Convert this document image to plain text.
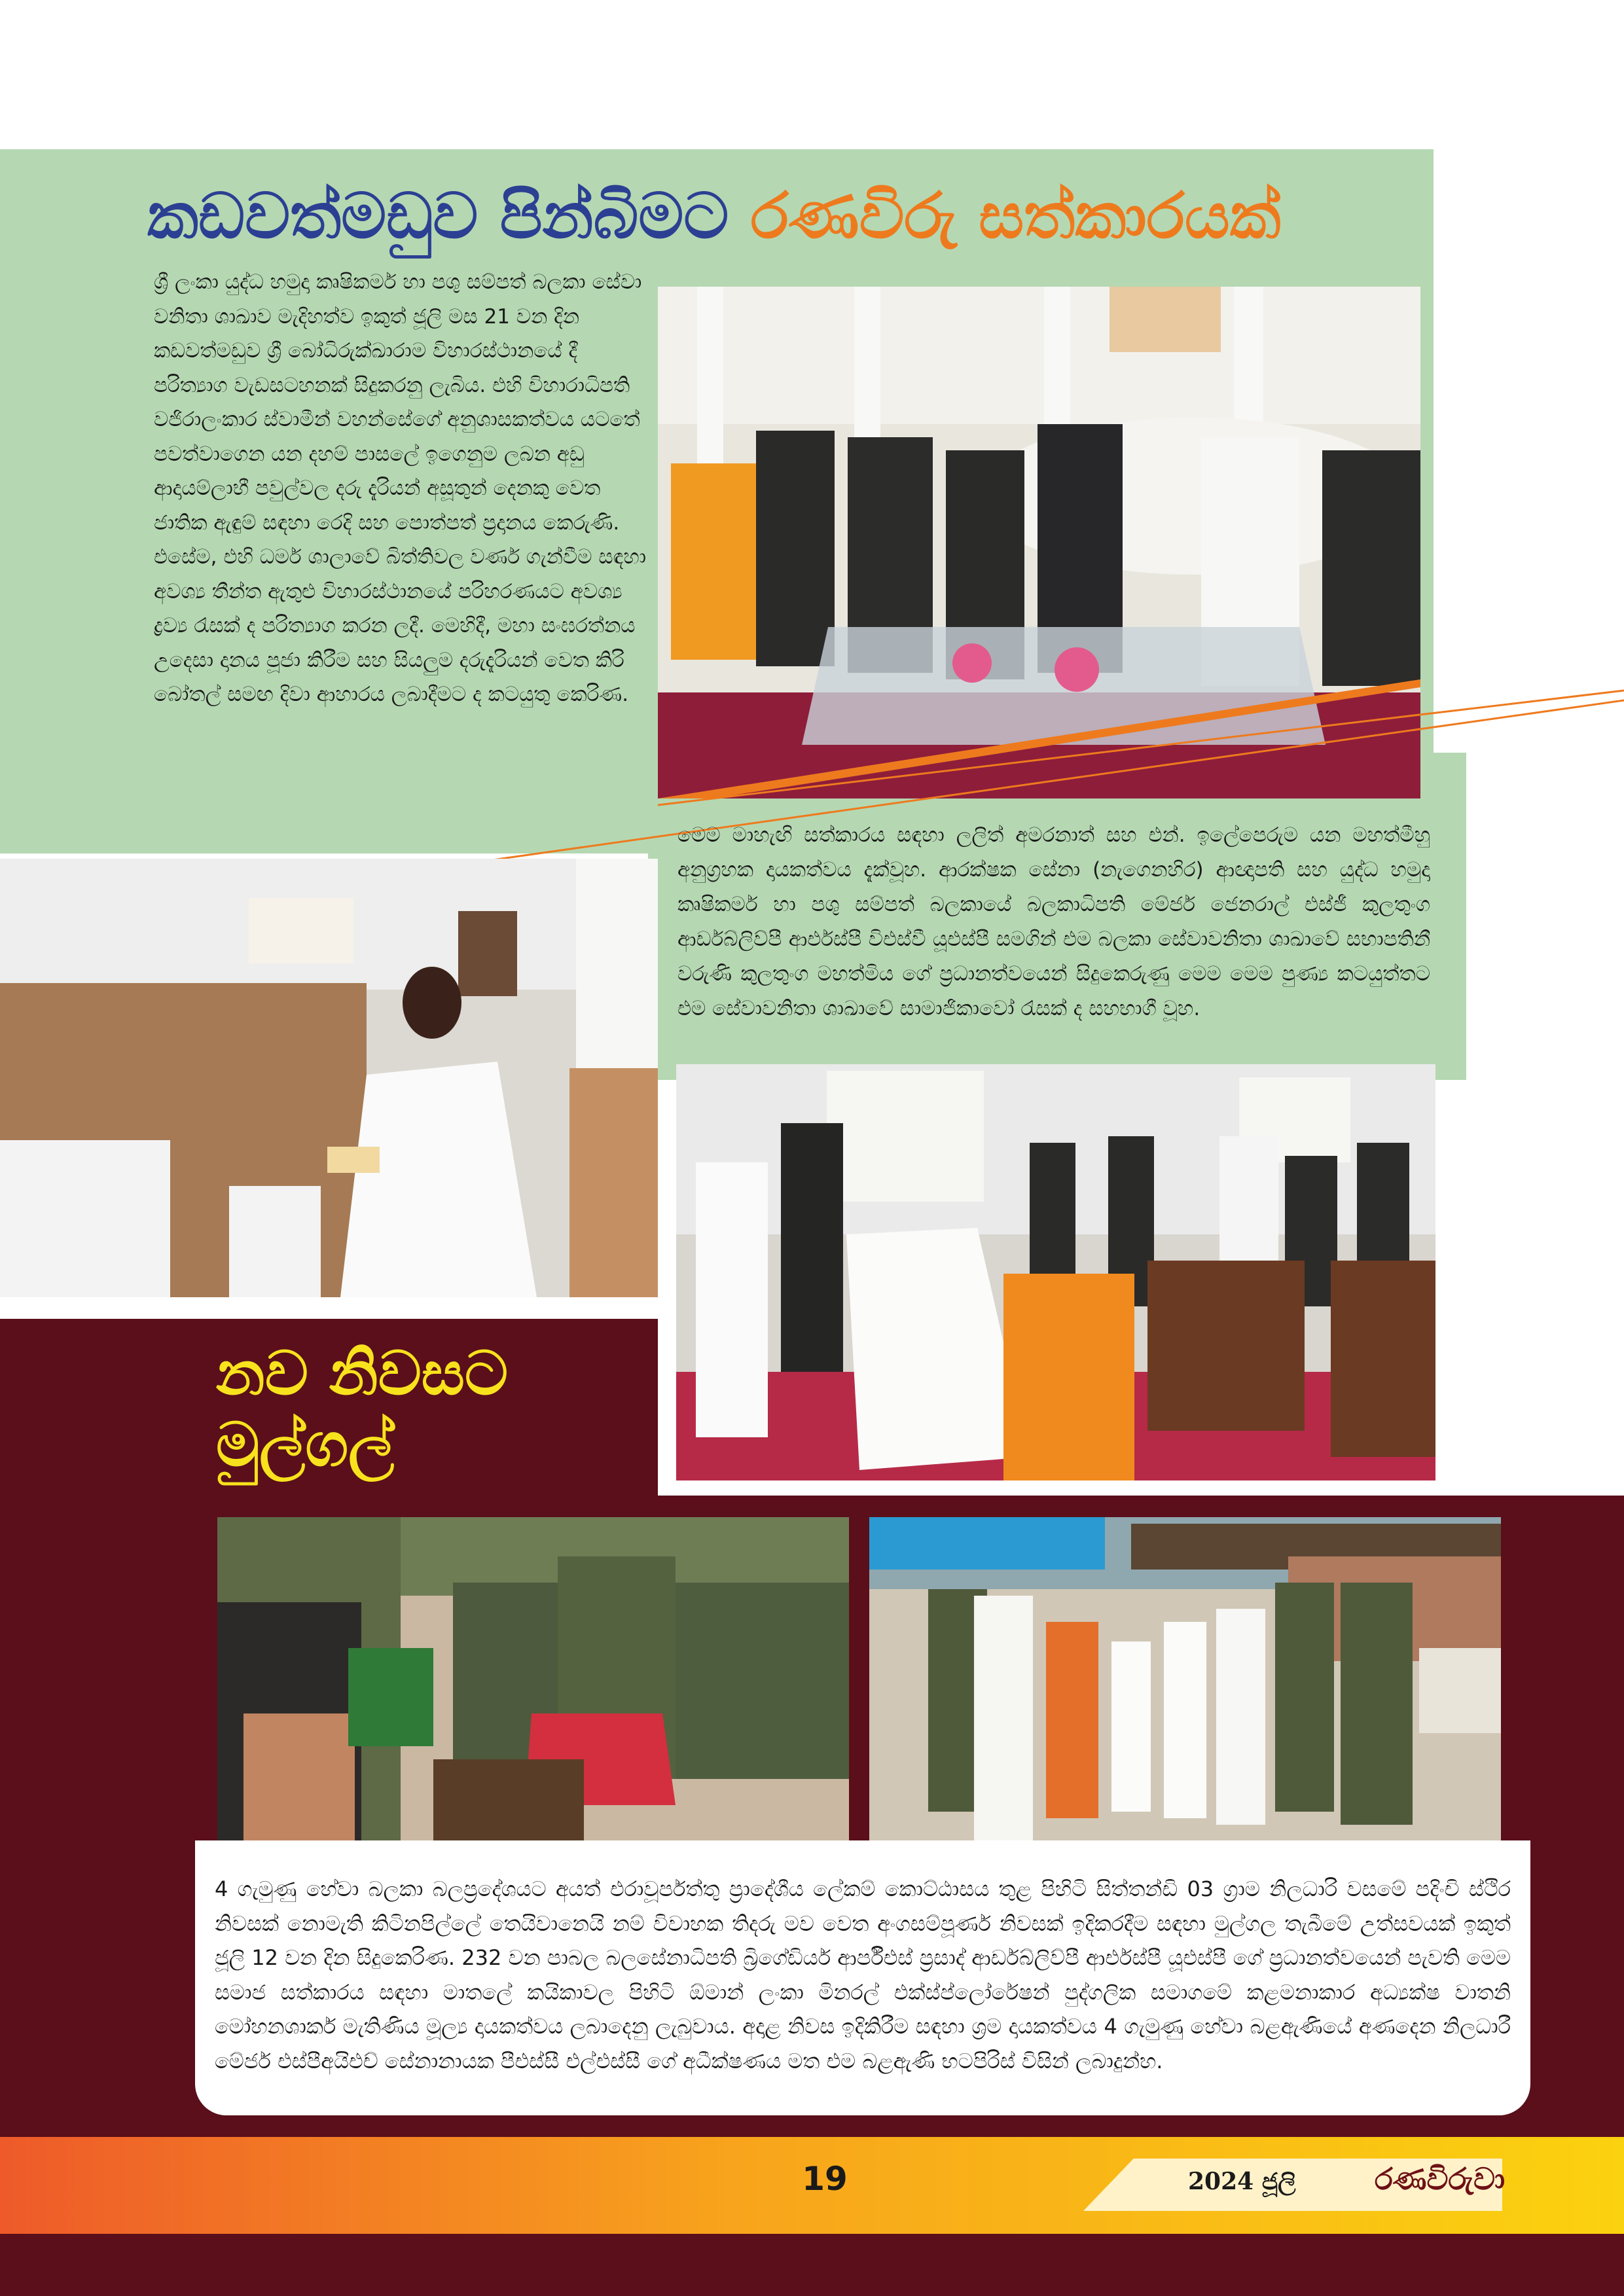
කඩවත්මඩුව පින්බිමට රණවිරු සත්කාරයක්
ශ්‍රී ලංකා යුද්ධ හමුදා කෘෂිකර්ම හා පශු සම්පත් බලකා සේවා වනිතා ශාඛාව මැදිහත්ව ඉකුත් ජූලි මස 21 වන දින කඩවත්මඩුව ශ්‍රී බෝධිරුක්ඛාරාම විහාරස්ථානයේ දී පරිත්‍යාග වැඩසටහනක් සිදුකරනු ලැබිය. එහි විහාරාධිපති වජිරාලංකාර ස්වාමීන් වහන්සේගේ අනුශාසකත්වය යටතේ පවත්වාගෙන යන දහම් පාසලේ ඉගෙනුම ලබන අඩු ආදායම්ලාභී පවුල්වල දරු දැරියන් අසූතුන් දෙනකු වෙත ජාතික ඇඳුම් සඳහා රෙදි සහ පොත්පත් ප්‍රදානය කෙරුණි. එසේම, එහි ධර්ම ශාලාවේ බිත්තිවල වර්ණ ගැන්වීම සඳහා අවශ්‍ය තීන්ත ඇතුළු විහාරස්ථානයේ පරිහරණයට අවශ්‍ය ද්‍රව්‍ය රැසක් ද පරිත්‍යාග කරන ලදී. මෙහිදී, මහා සංඝරත්නය උදෙසා දානය පූජා කිරීම සහ සියලුම දරුදැරියන් වෙත කිරි බෝතල් සමඟ දිවා ආහාරය ලබාදීමට ද කටයුතු කෙරිණ.
මෙම මාහැඟි සත්කාරය සඳහා ලලිත් අමරනාත් සහ එන්. ඉලේපෙරුම යන මහත්මීහු අනුග්‍රහක දායකත්වය දැක්වූහ. ආරක්ෂක සේනා (නැගෙනහිර) ආඥාපති සහ යුද්ධ හමුදා කෘෂිකර්ම හා පශු සම්පත් බලකායේ බලකාධිපති මේජර් ජෙනරාල් එස්ජී කුලතුංග ආර්ඩබ්ලිව්පී ආර්එස්පී විඑස්වී යූඑස්පී සමගින් එම බලකා සේවාවනිතා ශාඛාවේ සභාපතිනී වරුණි කුලතුංග මහත්මිය ගේ ප්‍රධානත්වයෙන් සිදුකෙරුණු මෙම මෙම පුණ්‍ය කටයුත්තට එම සේවාවනිතා ශාඛාවේ සාමාජිකාවෝ රැසක් ද සහභාගී වූහ.
නව නිවසට මුල්ගල්
4 ගැමුණු හේවා බලකා බලප්‍රදේශයට අයත් එරාවූර්පත්තු ප්‍රාදේශීය ලේකම් කොට්ඨාසය තුළ පිහිටි සිත්තන්ඩි 03 ග්‍රාම නිලධාරි වසමේ පදිංචි ස්ථිර නිවසක් නොමැති කිටිනපිල්ලේ තෙයිවානෙයි නම් විවාහක තිදරු මව වෙත අංගසම්පූර්ණ නිවසක් ඉදිකරදීම සඳහා මුල්ගල තැබීමේ උත්සවයක් ඉකුත් ජූලි 12 වන දින සිදුකෙරිණ. 232 වන පාබල බලසේනාධිපති බ්‍රිගේඩියර් ආර්පීඑස් ප්‍රසාද් ආර්ඩබ්ලිව්පී ආර්එස්පී යූඑස්පී ගේ ප්‍රධානත්වයෙන් පැවති මෙම සමාජ සත්කාරය සඳහා මාතලේ කයිකාවල පිහිටි ඕමාන් ලංකා මිනරල් එක්ස්ප්ලෝරේෂන් පුද්ගලික සමාගමේ කළමනාකාර අධ්‍යක්ෂ වාතනි මෝහනශාකර් මැතිණිය මූල්‍ය දායකත්වය ලබාදෙනු ලැබුවාය. අදාළ නිවස ඉදිකිරීම සඳහා ශ්‍රම දායකත්වය 4 ගැමුණු හේවා බළඇණියේ අණදෙන නිලධාරී මේජර් එස්පීඅයිඑච් සේනානායක පීඑස්සී එල්එස්සී ගේ අධීක්ෂණය මත එම බළඇණි භටපිරිස් විසින් ලබාදුන්හ.
19	2024 ජූලි	රණවිරුවා
